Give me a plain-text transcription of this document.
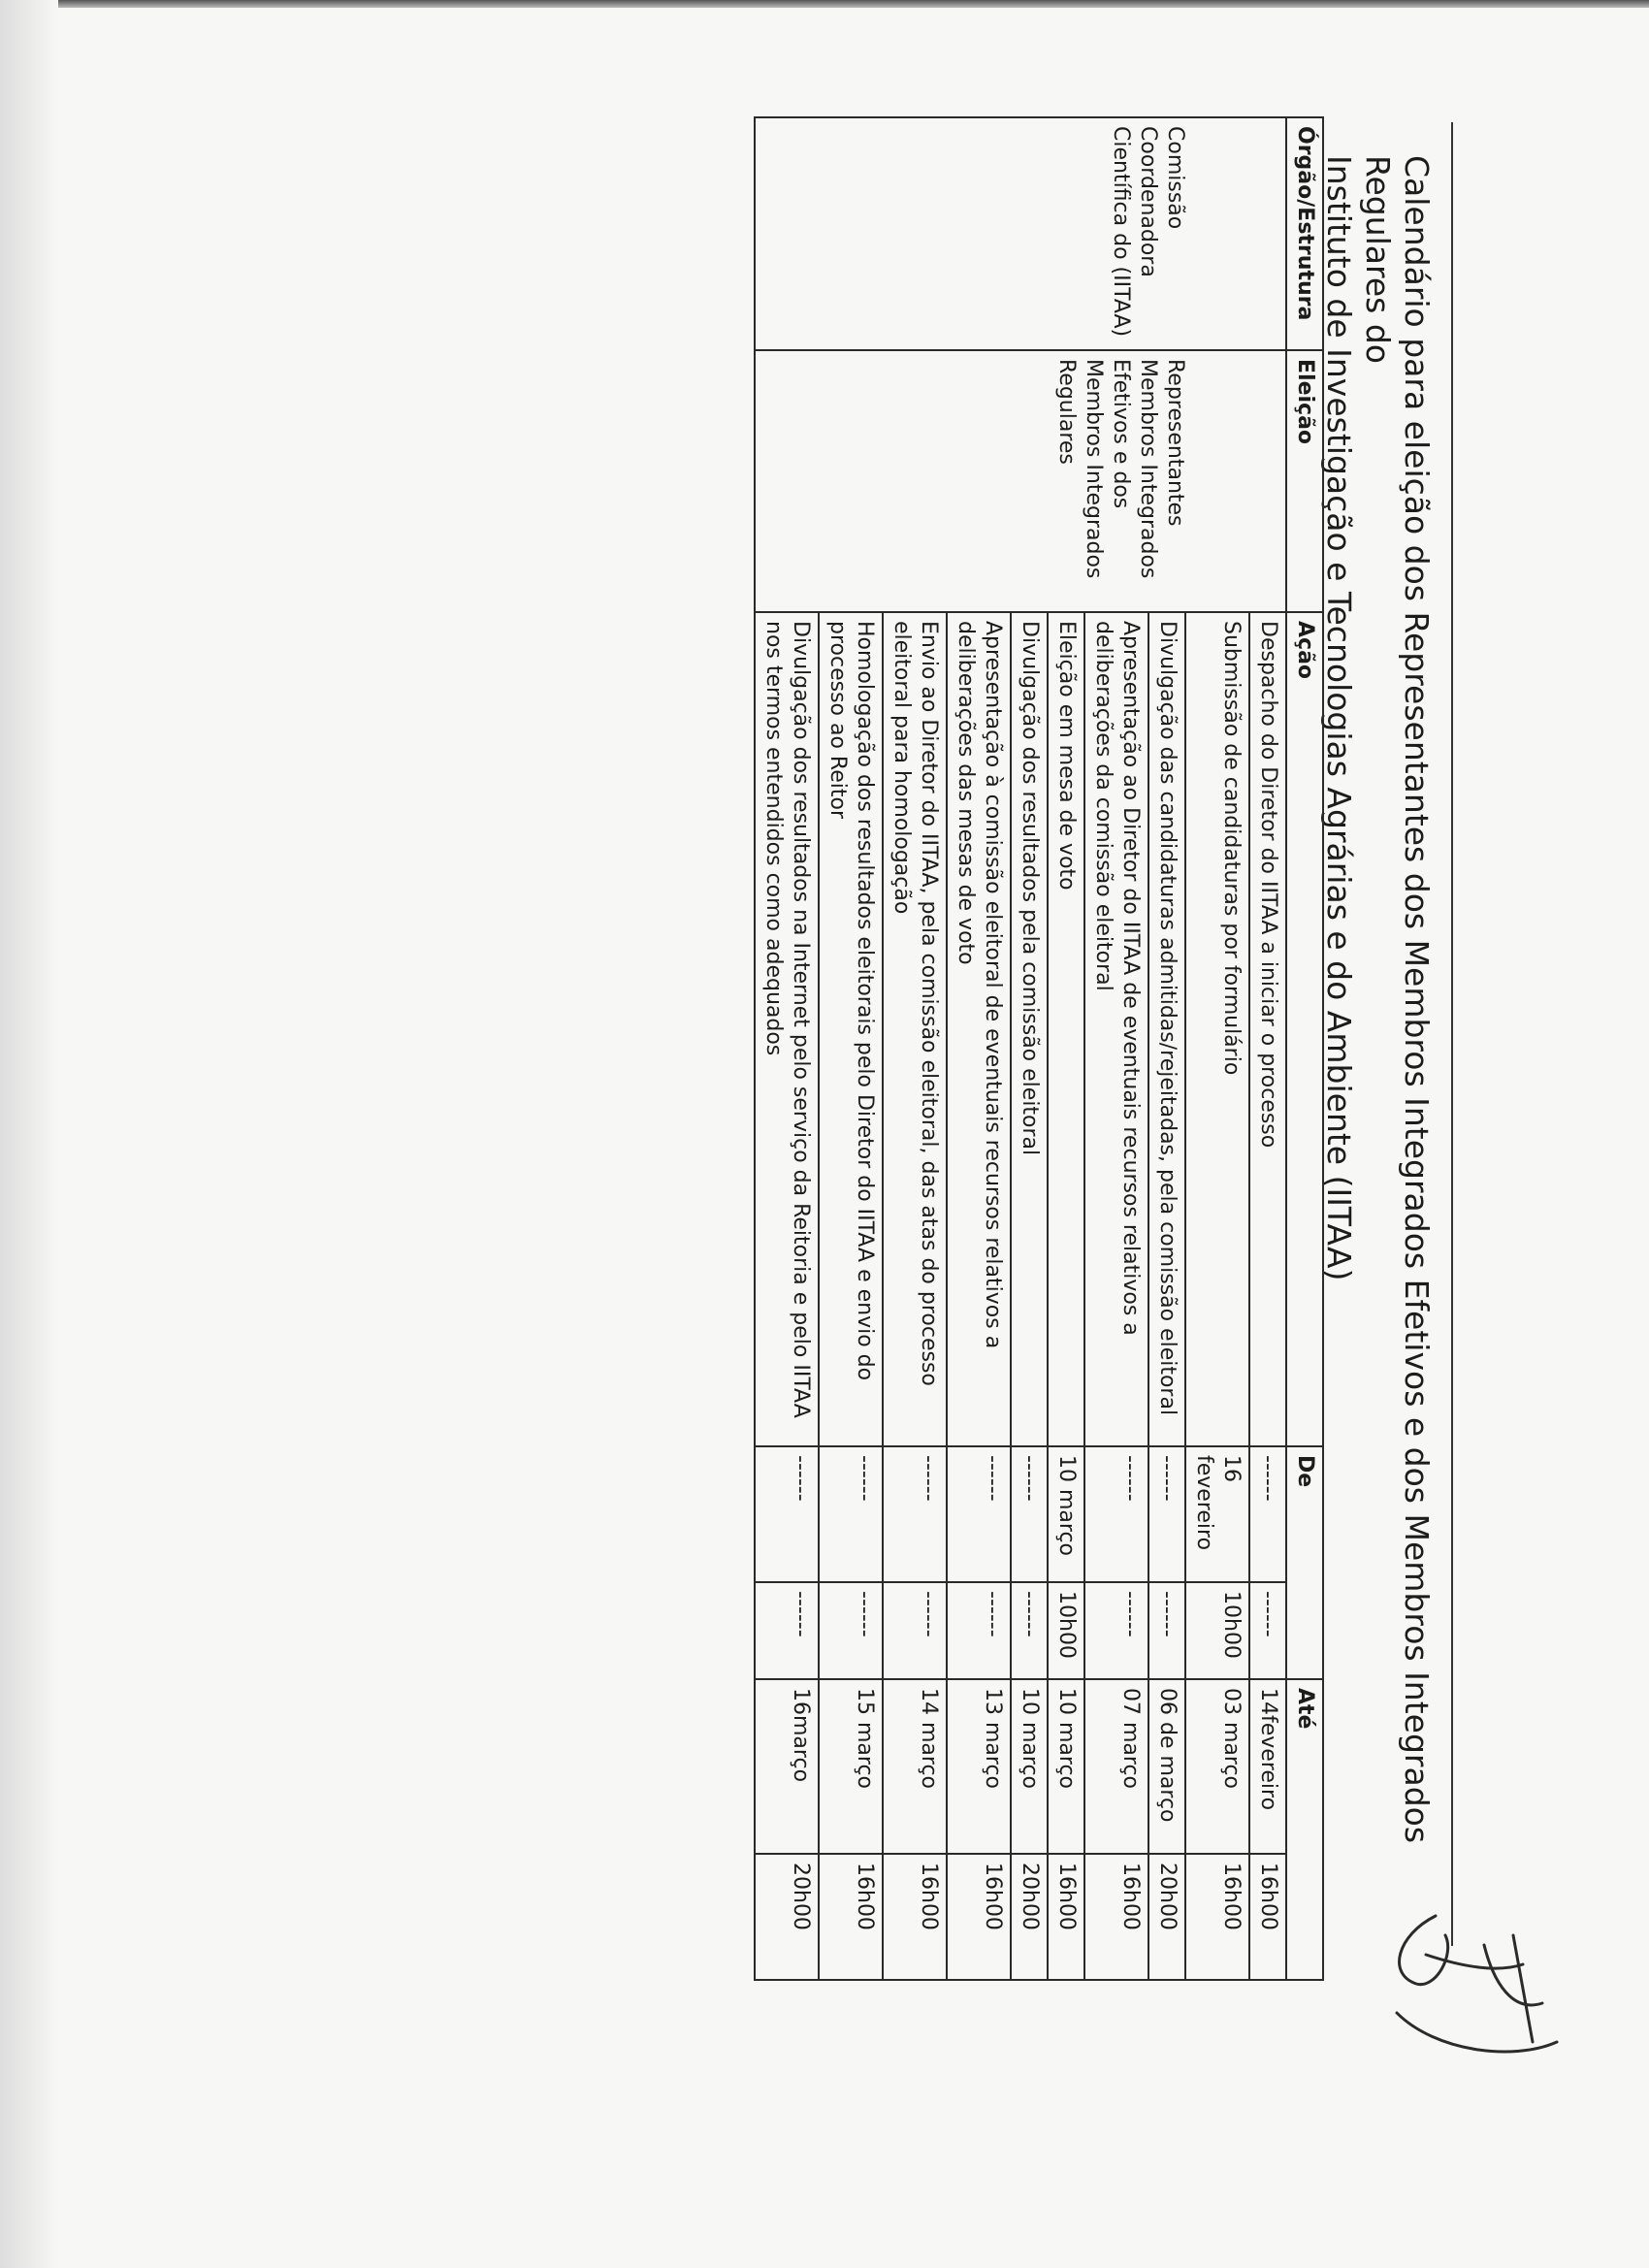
Calendário para eleição dos Representantes dos Membros Integrados Efetivos e dos Membros Integrados Regulares do
Instituto de Investigação e Tecnologias Agrárias e do Ambiente (IITAA)
Órgão/Estrutura	Eleição	Ação	De		Até	
Comissão Coordenadora Científica do (IITAA)	Representantes Membros Integrados Efetivos e dos Membros Integrados Regulares	Despacho do Diretor do IITAA a iniciar o processo	------	------	14fevereiro	16h00
		Submissão de candidaturas por formulário	16 fevereiro	10h00	03 março	16h00
		Divulgação das candidaturas admitidas/rejeitadas, pela comissão eleitoral	------	------	06 de março	20h00
		Apresentação ao Diretor do IITAA de eventuais recursos relativos a deliberações da comissão eleitoral	------	------	07 março	16h00
		Eleição em mesa de voto	10 março	10h00	10 março	16h00
		Divulgação dos resultados pela comissão eleitoral	------	------	10 março	20h00
		Apresentação à comissão eleitoral de eventuais recursos relativos a deliberações das mesas de voto	------	------	13 março	16h00
		Envio ao Diretor do IITAA, pela comissão eleitoral, das atas do processo eleitoral para homologação	------	------	14 março	16h00
		Homologação dos resultados eleitorais pelo Diretor do IITAA e envio do processo ao Reitor	------	------	15 março	16h00
		Divulgação dos resultados na Internet pelo serviço da Reitoria e pelo IITAA nos termos entendidos como adequados	------	------	16março	20h00
